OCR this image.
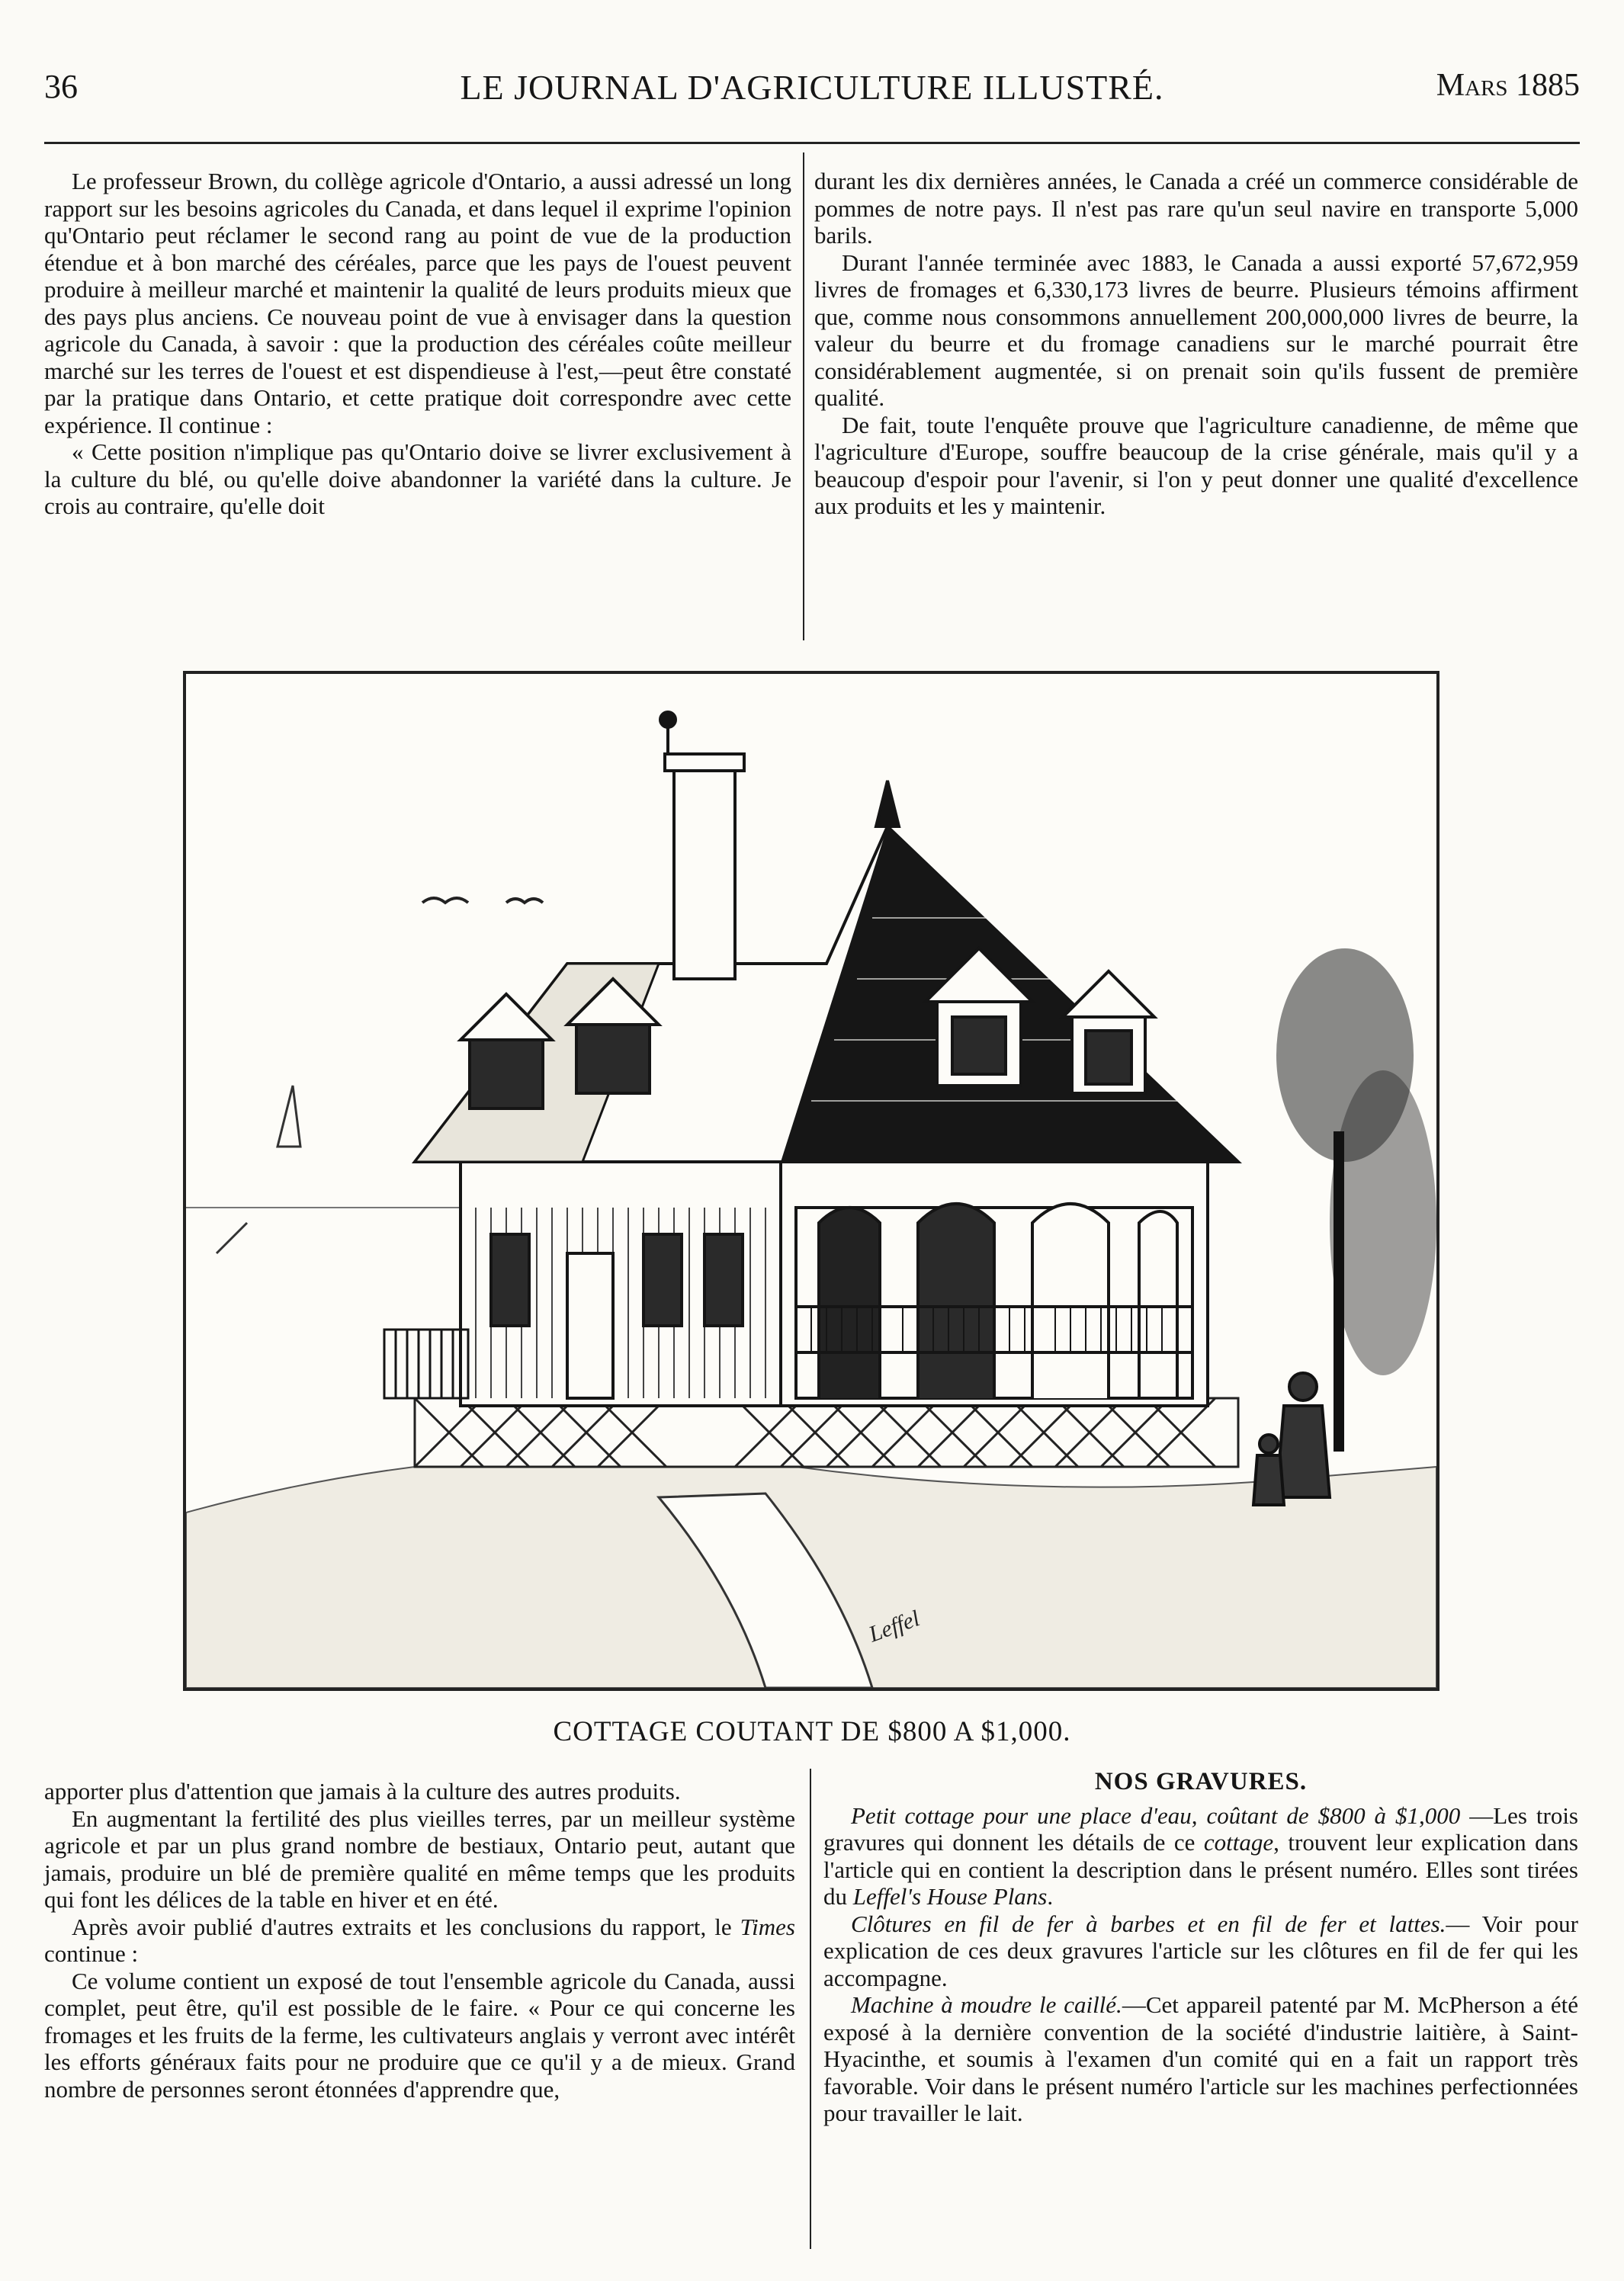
36	LE JOURNAL D'AGRICULTURE ILLUSTRÉ.	Mars 1885

Le professeur Brown, du collège agricole d'Ontario, a aussi adressé un long rapport sur les besoins agricoles du Canada, et dans lequel il exprime l'opinion qu'Ontario peut réclamer le second rang au point de vue de la production étendue et à bon marché des céréales, parce que les pays de l'ouest peuvent produire à meilleur marché et maintenir la qualité de leurs produits mieux que des pays plus anciens. Ce nouveau point de vue à envisager dans la question agricole du Canada, à savoir : que la production des céréales coûte meilleur marché sur les terres de l'ouest et est dispendieuse à l'est,—peut être constaté par la pratique dans Ontario, et cette pratique doit correspondre avec cette expérience. Il continue :

« Cette position n'implique pas qu'Ontario doive se livrer exclusivement à la culture du blé, ou qu'elle doive abandonner la variété dans la culture. Je crois au contraire, qu'elle doit

durant les dix dernières années, le Canada a créé un commerce considérable de pommes de notre pays. Il n'est pas rare qu'un seul navire en transporte 5,000 barils.

Durant l'année terminée avec 1883, le Canada a aussi exporté 57,672,959 livres de fromages et 6,330,173 livres de beurre. Plusieurs témoins affirment que, comme nous consommons annuellement 200,000,000 livres de beurre, la valeur du beurre et du fromage canadiens sur le marché pourrait être considérablement augmentée, si on prenait soin qu'ils fussent de première qualité.

De fait, toute l'enquête prouve que l'agriculture canadienne, de même que l'agriculture d'Europe, souffre beaucoup de la crise générale, mais qu'il y a beaucoup d'espoir pour l'avenir, si l'on y peut donner une qualité d'excellence aux produits et les y maintenir.

Leffel
COTTAGE COUTANT DE $800 A $1,000.

apporter plus d'attention que jamais à la culture des autres produits.

En augmentant la fertilité des plus vieilles terres, par un meilleur système agricole et par un plus grand nombre de bestiaux, Ontario peut, autant que jamais, produire un blé de première qualité en même temps que les produits qui font les délices de la table en hiver et en été.

Après avoir publié d'autres extraits et les conclusions du rapport, le Times continue :

Ce volume contient un exposé de tout l'ensemble agricole du Canada, aussi complet, peut être, qu'il est possible de le faire. « Pour ce qui concerne les fromages et les fruits de la ferme, les cultivateurs anglais y verront avec intérêt les efforts généraux faits pour ne produire que ce qu'il y a de mieux. Grand nombre de personnes seront étonnées d'apprendre que,

NOS GRAVURES.

Petit cottage pour une place d'eau, coûtant de $800 à $1,000 —Les trois gravures qui donnent les détails de ce cottage, trouvent leur explication dans l'article qui en contient la description dans le présent numéro. Elles sont tirées du Leffel's House Plans.

Clôtures en fil de fer à barbes et en fil de fer et lattes.— Voir pour explication de ces deux gravures l'article sur les clôtures en fil de fer qui les accompagne.

Machine à moudre le caillé.—Cet appareil patenté par M. McPherson a été exposé à la dernière convention de la société d'industrie laitière, à Saint-Hyacinthe, et soumis à l'examen d'un comité qui en a fait un rapport très favorable. Voir dans le présent numéro l'article sur les machines perfectionnées pour travailler le lait.
